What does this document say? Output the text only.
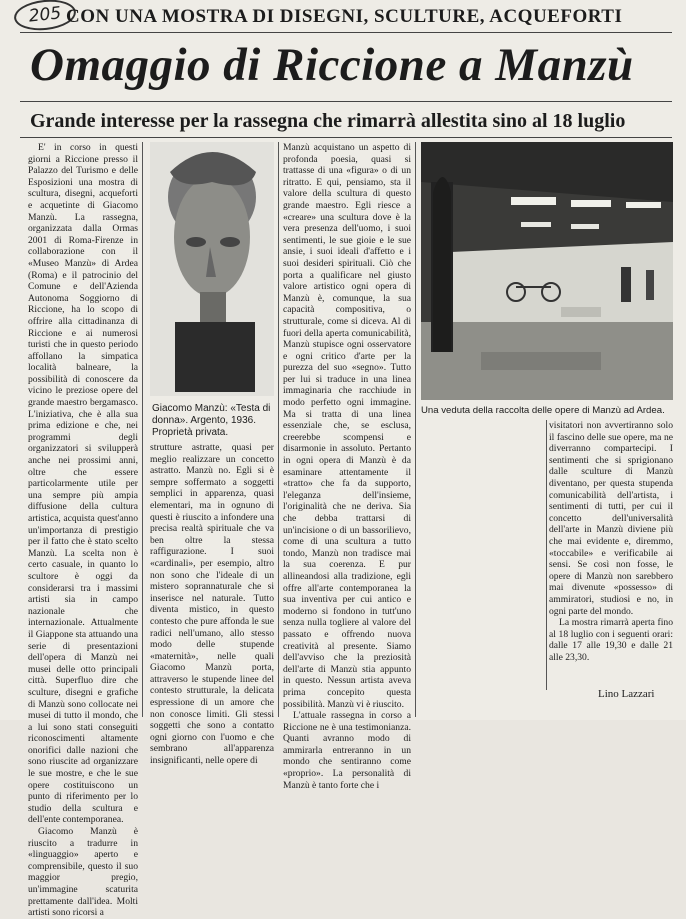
205 CON UNA MOSTRA DI DISEGNI, SCULTURE, ACQUEFORTI
Omaggio di Riccione a Manzù
Grande interesse per la rassegna che rimarrà allestita sino al 18 luglio

E' in corso in questi giorni a Riccione presso il Palazzo del Turismo e delle Esposizioni una mostra di scultura, disegni, acqueforti e acquetinte di Giacomo Manzù. La rassegna, organizzata dalla Ormas 2001 di Roma-Firenze in collaborazione con il «Museo Manzù» di Ardea (Roma) e il patrocinio del Comune e dell'Azienda Autonoma Soggiorno di Riccione, ha lo scopo di offrire alla cittadinanza di Riccione e ai numerosi turisti che in questo periodo affollano la simpatica località balneare, la possibilità di conoscere da vicino le preziose opere del grande maestro bergamasco. L'iniziativa, che è alla sua prima edizione e che, nei programmi degli organizzatori si svilupperà anche nei prossimi anni, oltre che essere particolarmente utile per una sempre più ampia diffusione della cultura artistica, acquista quest'anno un'importanza di prestigio per il fatto che è stato scelto Manzù. La scelta non è certo casuale, in quanto lo scultore è oggi da considerarsi tra i massimi artisti sia in campo nazionale che internazionale. Attualmente il Giappone sta attuando una serie di presentazioni dell'opera di Manzù nei musei delle otto principali città. Superfluo dire che sculture, disegni e grafiche di Manzù sono collocate nei musei di tutto il mondo, che a lui sono stati conseguiti riconoscimenti altamente onorifici dalle nazioni che sono riuscite ad organizzare le sue mostre, e che le sue opere costituiscono un punto di riferimento per lo studio della scultura e dell'ente contemporanea.

Giacomo Manzù è riuscito a tradurre in «linguaggio» aperto e comprensibile, questo il suo maggior pregio, un'immagine scaturita prettamente dall'idea. Molti artisti sono ricorsi a

Giacomo Manzù: «Testa di donna». Argento, 1936. Proprietà privata.

strutture astratte, quasi per meglio realizzare un concetto astratto. Manzù no. Egli si è sempre soffermato a soggetti semplici in apparenza, quasi elementari, ma in ognuno di questi è riuscito a infondere una precisa realtà spirituale che va ben oltre la stessa raffigurazione. I suoi «cardinali», per esempio, altro non sono che l'ideale di un mistero soprannaturale che si inserisce nel naturale. Tutto diventa mistico, in questo contesto che pure affonda le sue radici nell'umano, allo stesso modo delle stupende «maternità», nelle quali Giacomo Manzù porta, attraverso le stupende linee del contesto strutturale, la delicata espressione di un amore che non conosce limiti. Gli stessi soggetti che sono a contatto ogni giorno con l'uomo e che sembrano all'apparenza insignificanti, nelle opere di

Manzù acquistano un aspetto di profonda poesia, quasi si trattasse di una «figura» o di un ritratto. E qui, pensiamo, sta il valore della scultura di questo grande maestro. Egli riesce a «creare» una scultura dove è la vera presenza dell'uomo, i suoi sentimenti, le sue gioie e le sue ansie, i suoi ideali d'affetto e i suoi desideri spirituali. Ciò che porta a qualificare nel giusto valore artistico ogni opera di Manzù è, comunque, la sua capacità compositiva, o strutturale, come si diceva. Al di fuori della aperta comunicabilità, Manzù stupisce ogni osservatore e ogni critico d'arte per la purezza del suo «segno». Tutto per lui si traduce in una linea immaginaria che racchiude in modo perfetto ogni immagine. Ma si tratta di una linea essenziale che, se esclusa, creerebbe scompensi e disarmonie in assoluto. Pertanto in ogni opera di Manzù è da esaminare attentamente il «tratto» che fa da supporto, l'eleganza dell'insieme, l'originalità che ne deriva. Sia che debba trattarsi di un'incisione o di un bassorilievo, come di una scultura a tutto tondo, Manzù non tradisce mai la sua coerenza. E pur allineandosi alla tradizione, egli offre all'arte contemporanea la sua inventiva per cui antico e moderno si fondono in tutt'uno senza nulla togliere al valore del passato e offrendo nuova creatività al presente. Siamo dell'avviso che la preziosità dell'arte di Manzù stia appunto in questo. Nessun artista aveva prima concepito questa possibilità. Manzù vi è riuscito.

L'attuale rassegna in corso a Riccione ne è una testimonianza. Quanti avranno modo di ammirarla entreranno in un mondo che sentiranno come «proprio». La personalità di Manzù è tanto forte che i

Una veduta della raccolta delle opere di Manzù ad Ardea.

visitatori non avvertiranno solo il fascino delle sue opere, ma ne diverranno compartecipi. I sentimenti che si sprigionano dalle sculture di Manzù diventano, per questa stupenda comunicabilità dell'artista, i sentimenti di tutti, per cui il concetto dell'universalità dell'arte in Manzù diviene più che mai evidente e, diremmo, «toccabile» e verificabile ai sensi. Se così non fosse, le opere di Manzù non sarebbero mai divenute «possesso» di ammiratori, studiosi e no, in ogni parte del mondo.

La mostra rimarrà aperta fino al 18 luglio con i seguenti orari: dalle 17 alle 19,30 e dalle 21 alle 23,30.

Lino Lazzari
